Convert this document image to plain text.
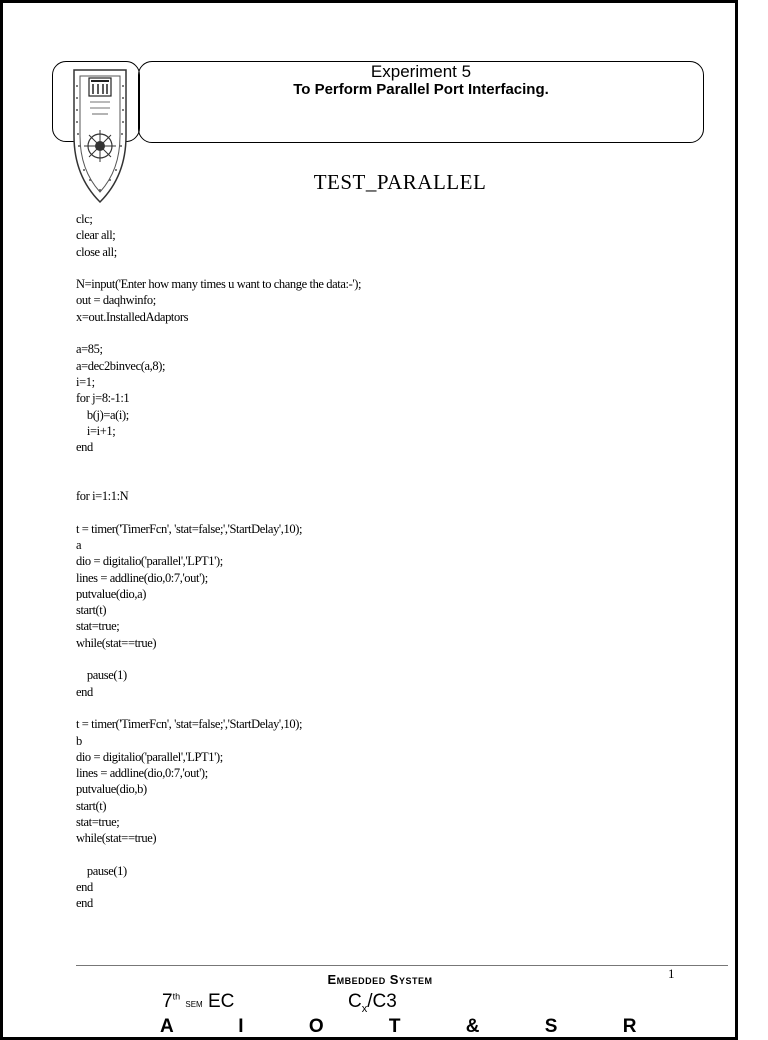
Experiment 5
To Perform Parallel Port Interfacing.
TEST_PARALLEL
clc;
clear all;
close all;
N=input('Enter how many times u want to change the data:-');
out = daqhwinfo;
x=out.InstalledAdaptors
a=85;
a=dec2binvec(a,8);
i=1;
for j=8:-1:1
b(j)=a(i);
i=i+1;
end
for i=1:1:N
t = timer('TimerFcn', 'stat=false;','StartDelay',10);
a
dio = digitalio('parallel','LPT1');
lines = addline(dio,0:7,'out');
putvalue(dio,a)
start(t)
stat=true;
while(stat==true)
pause(1)
end
t = timer('TimerFcn', 'stat=false;','StartDelay',10);
b
dio = digitalio('parallel','LPT1');
lines = addline(dio,0:7,'out');
putvalue(dio,b)
start(t)
stat=true;
while(stat==true)
pause(1)
end
end
Embedded System	1
7th sem EC	$C_x/C3$
A I O T & S R
